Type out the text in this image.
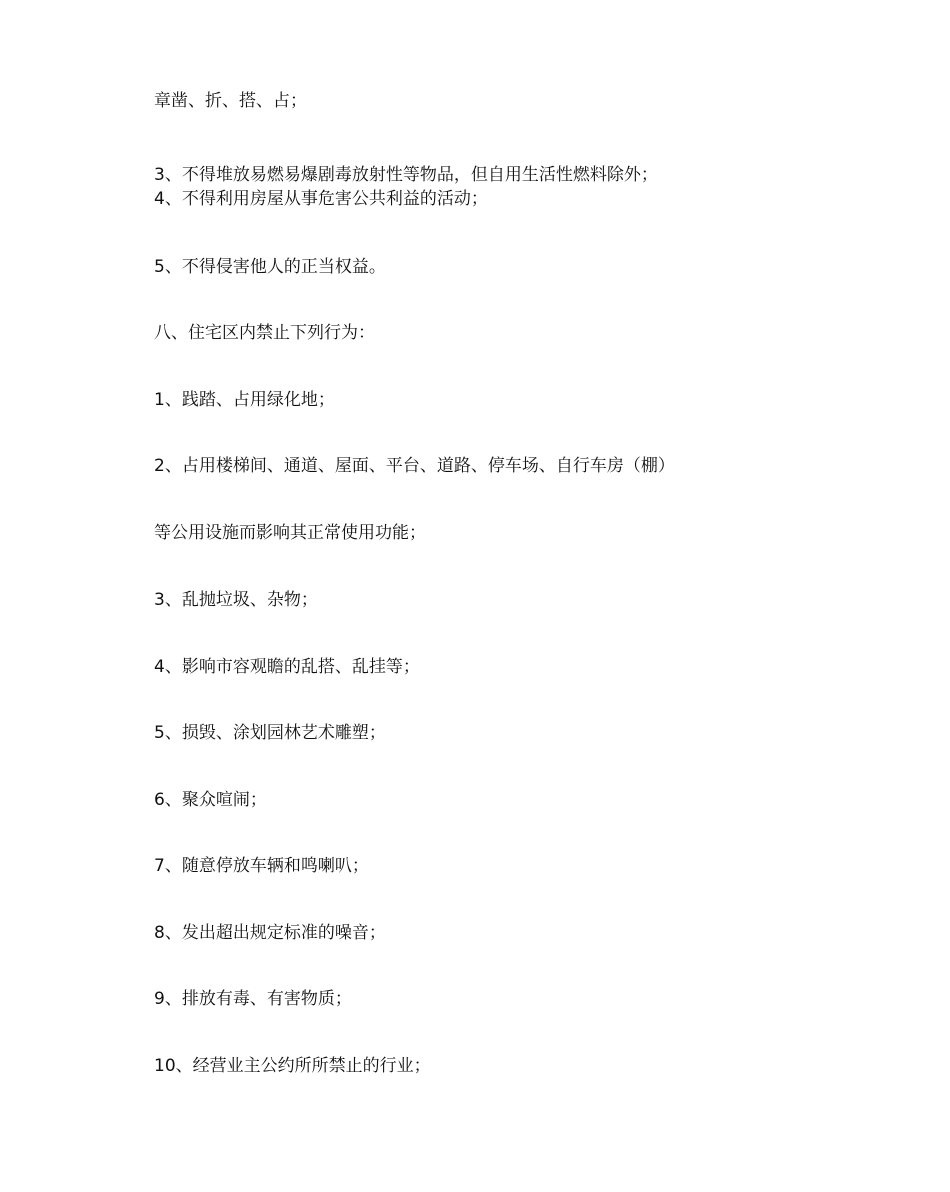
章凿、折、搭、占；

3、不得堆放易燃易爆剧毒放射性等物品，但自用生活性燃料除外；

4、不得利用房屋从事危害公共利益的活动；

5、不得侵害他人的正当权益。

八、住宅区内禁止下列行为：

1、践踏、占用绿化地；

2、占用楼梯间、通道、屋面、平台、道路、停车场、自行车房（棚）

等公用设施而影响其正常使用功能；

3、乱抛垃圾、杂物；

4、影响市容观瞻的乱搭、乱挂等；

5、损毁、涂划园林艺术雕塑；

6、聚众喧闹；

7、随意停放车辆和鸣喇叭；

8、发出超出规定标准的噪音；

9、排放有毒、有害物质；

10、经营业主公约所所禁止的行业；
